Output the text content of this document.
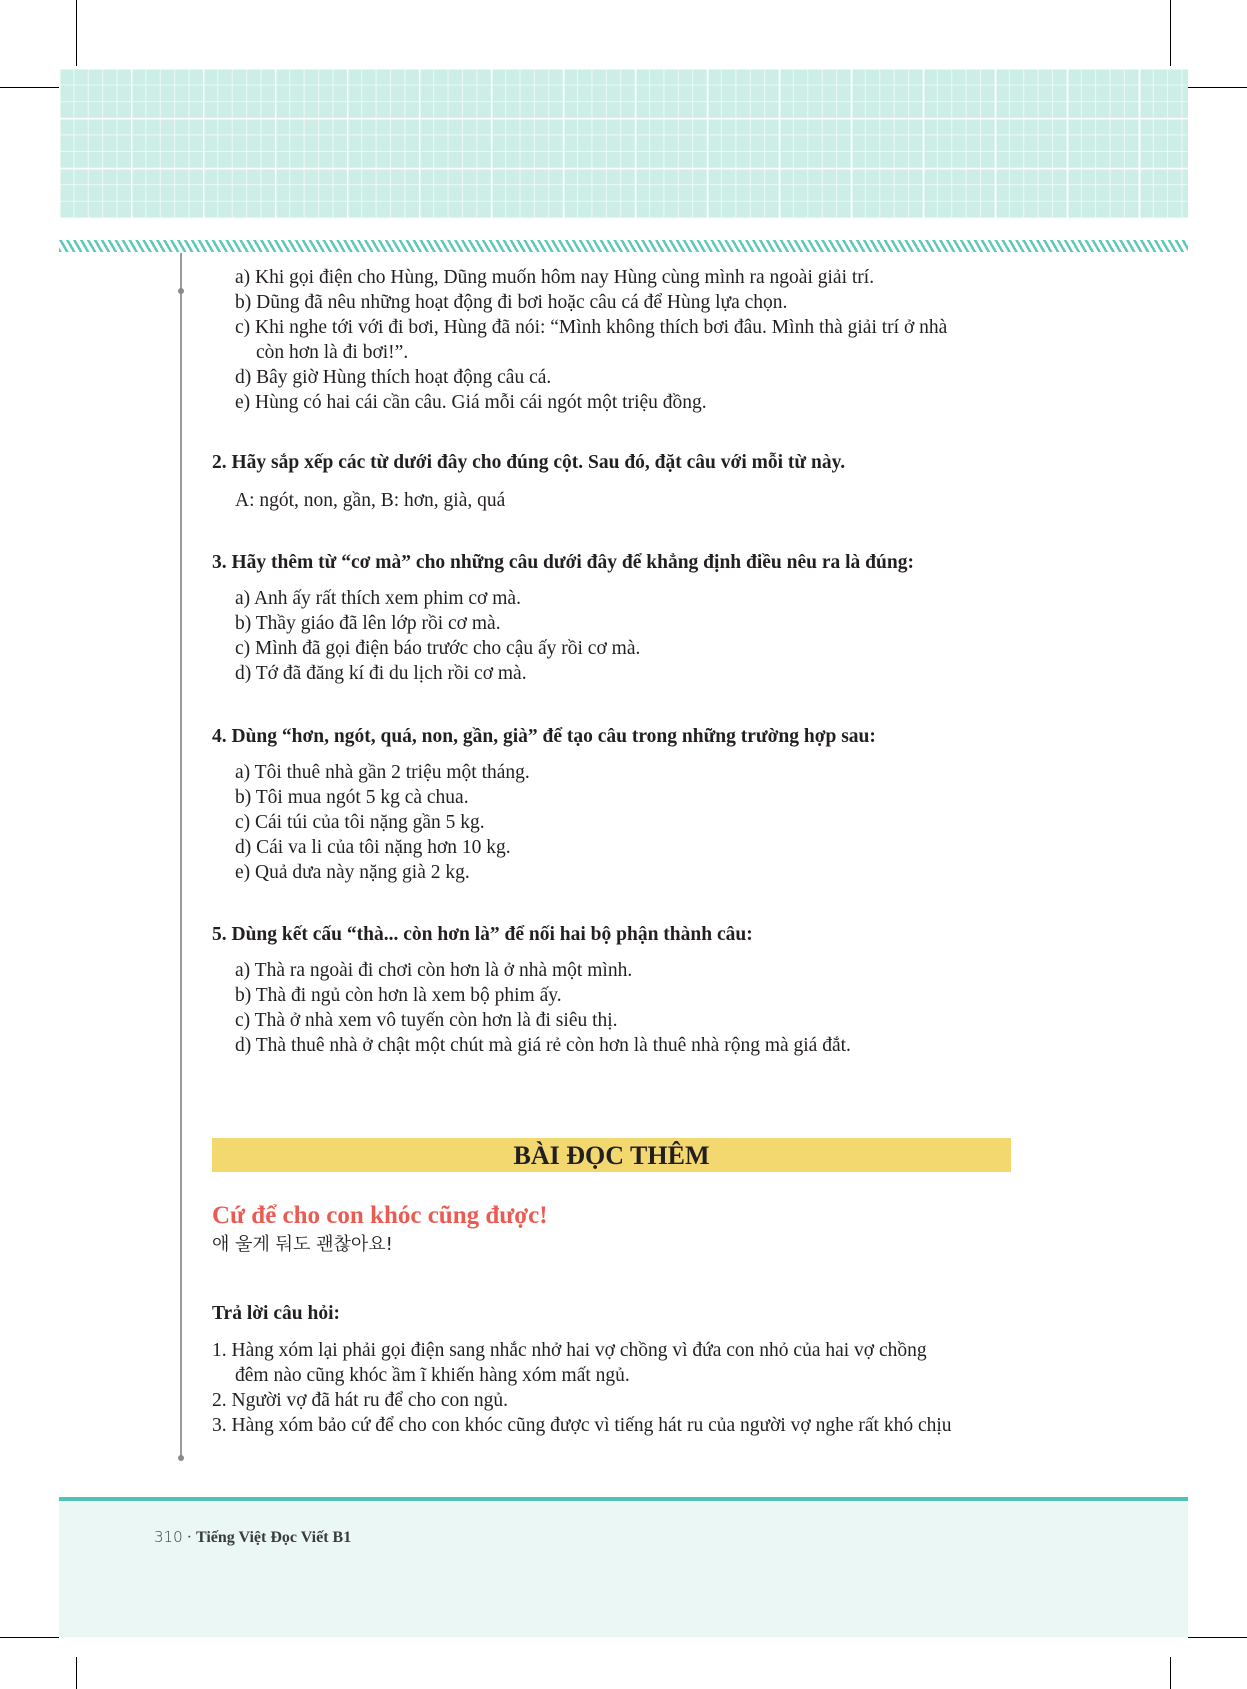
a) Khi gọi điện cho Hùng, Dũng muốn hôm nay Hùng cùng mình ra ngoài giải trí.
b) Dũng đã nêu những hoạt động đi bơi hoặc câu cá để Hùng lựa chọn.
c) Khi nghe tới với đi bơi, Hùng đã nói: “Mình không thích bơi đâu. Mình thà giải trí ở nhà
còn hơn là đi bơi!”.
d) Bây giờ Hùng thích hoạt động câu cá.
e) Hùng có hai cái cần câu. Giá mỗi cái ngót một triệu đồng.
2. Hãy sắp xếp các từ dưới đây cho đúng cột. Sau đó, đặt câu với mỗi từ này.
A: ngót, non, gần, B: hơn, già, quá
3. Hãy thêm từ “cơ mà” cho những câu dưới đây để khẳng định điều nêu ra là đúng:
a) Anh ấy rất thích xem phim cơ mà.
b) Thầy giáo đã lên lớp rồi cơ mà.
c) Mình đã gọi điện báo trước cho cậu ấy rồi cơ mà.
d) Tớ đã đăng kí đi du lịch rồi cơ mà.
4. Dùng “hơn, ngót, quá, non, gần, già” để tạo câu trong những trường hợp sau:
a) Tôi thuê nhà gần 2 triệu một tháng.
b) Tôi mua ngót 5 kg cà chua.
c) Cái túi của tôi nặng gần 5 kg.
d) Cái va li của tôi nặng hơn 10 kg.
e) Quả dưa này nặng già 2 kg.
5. Dùng kết cấu “thà... còn hơn là” để nối hai bộ phận thành câu:
a) Thà ra ngoài đi chơi còn hơn là ở nhà một mình.
b) Thà đi ngủ còn hơn là xem bộ phim ấy.
c) Thà ở nhà xem vô tuyến còn hơn là đi siêu thị.
d) Thà thuê nhà ở chật một chút mà giá rẻ còn hơn là thuê nhà rộng mà giá đắt.
BÀI ĐỌC THÊM
Cứ để cho con khóc cũng được!
애 울게 둬도 괜찮아요!
Trả lời câu hỏi:
1. Hàng xóm lại phải gọi điện sang nhắc nhở hai vợ chồng vì đứa con nhỏ của hai vợ chồng
đêm nào cũng khóc ầm ĩ khiến hàng xóm mất ngủ.
2. Người vợ đã hát ru để cho con ngủ.
3. Hàng xóm bảo cứ để cho con khóc cũng được vì tiếng hát ru của người vợ nghe rất khó chịu
310 · Tiếng Việt Đọc Viết B1
